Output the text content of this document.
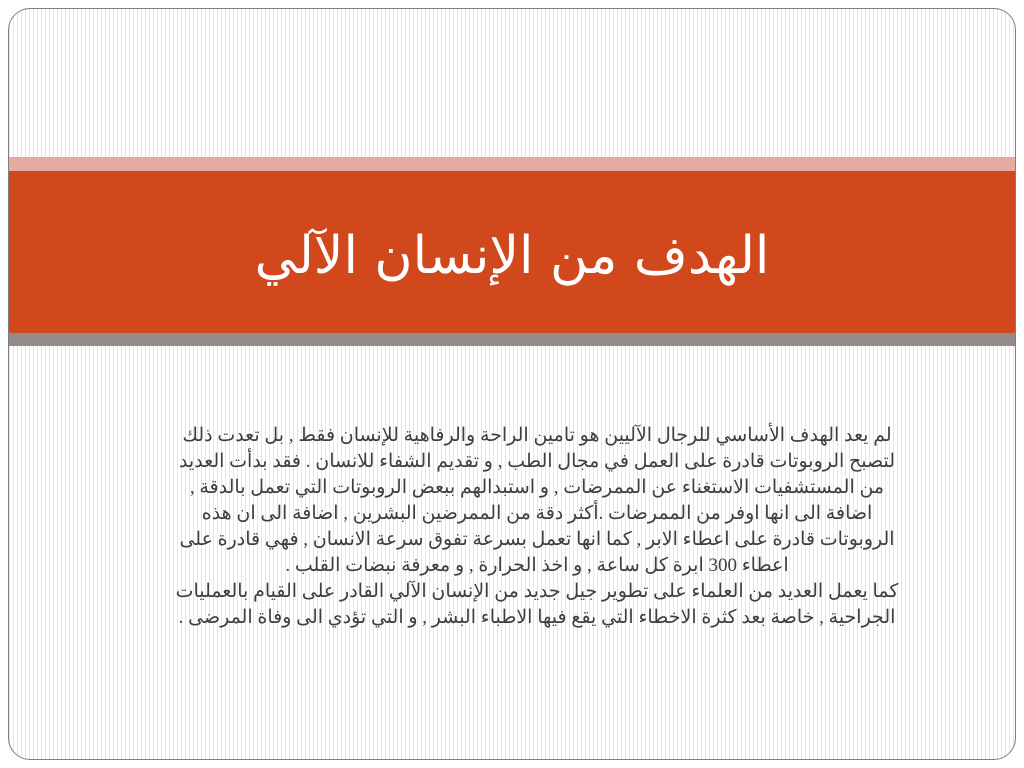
الهدف من الإنسان الآلي

لم يعد الهدف الأساسي للرجال الآليين هو تامين الراحة والرفاهية للإنسان فقط , بل تعدت ذلك لتصبح الروبوتات قادرة على العمل في مجال الطب , و تقديم الشفاء للانسان . فقد بدأت العديد من المستشفيات الاستغناء عن الممرضات , و استبدالهم ببعض الروبوتات التي تعمل بالدقة , اضافة الى انها اوفر من الممرضات .أكثر دقة من الممرضين البشرين , اضافة الى ان هذه الروبوتات قادرة على اعطاء الابر , كما انها تعمل بسرعة تفوق سرعة الانسان , فهي قادرة على اعطاء 300 ابرة كل ساعة , و اخذ الحرارة , و معرفة نبضات القلب .

كما يعمل العديد من العلماء على تطوير جيل جديد من الإنسان الآلي القادر على القيام بالعمليات الجراحية , خاصة بعد كثرة الاخطاء التي يقع فيها الاطباء البشر , و التي تؤدي الى وفاة المرضى .
